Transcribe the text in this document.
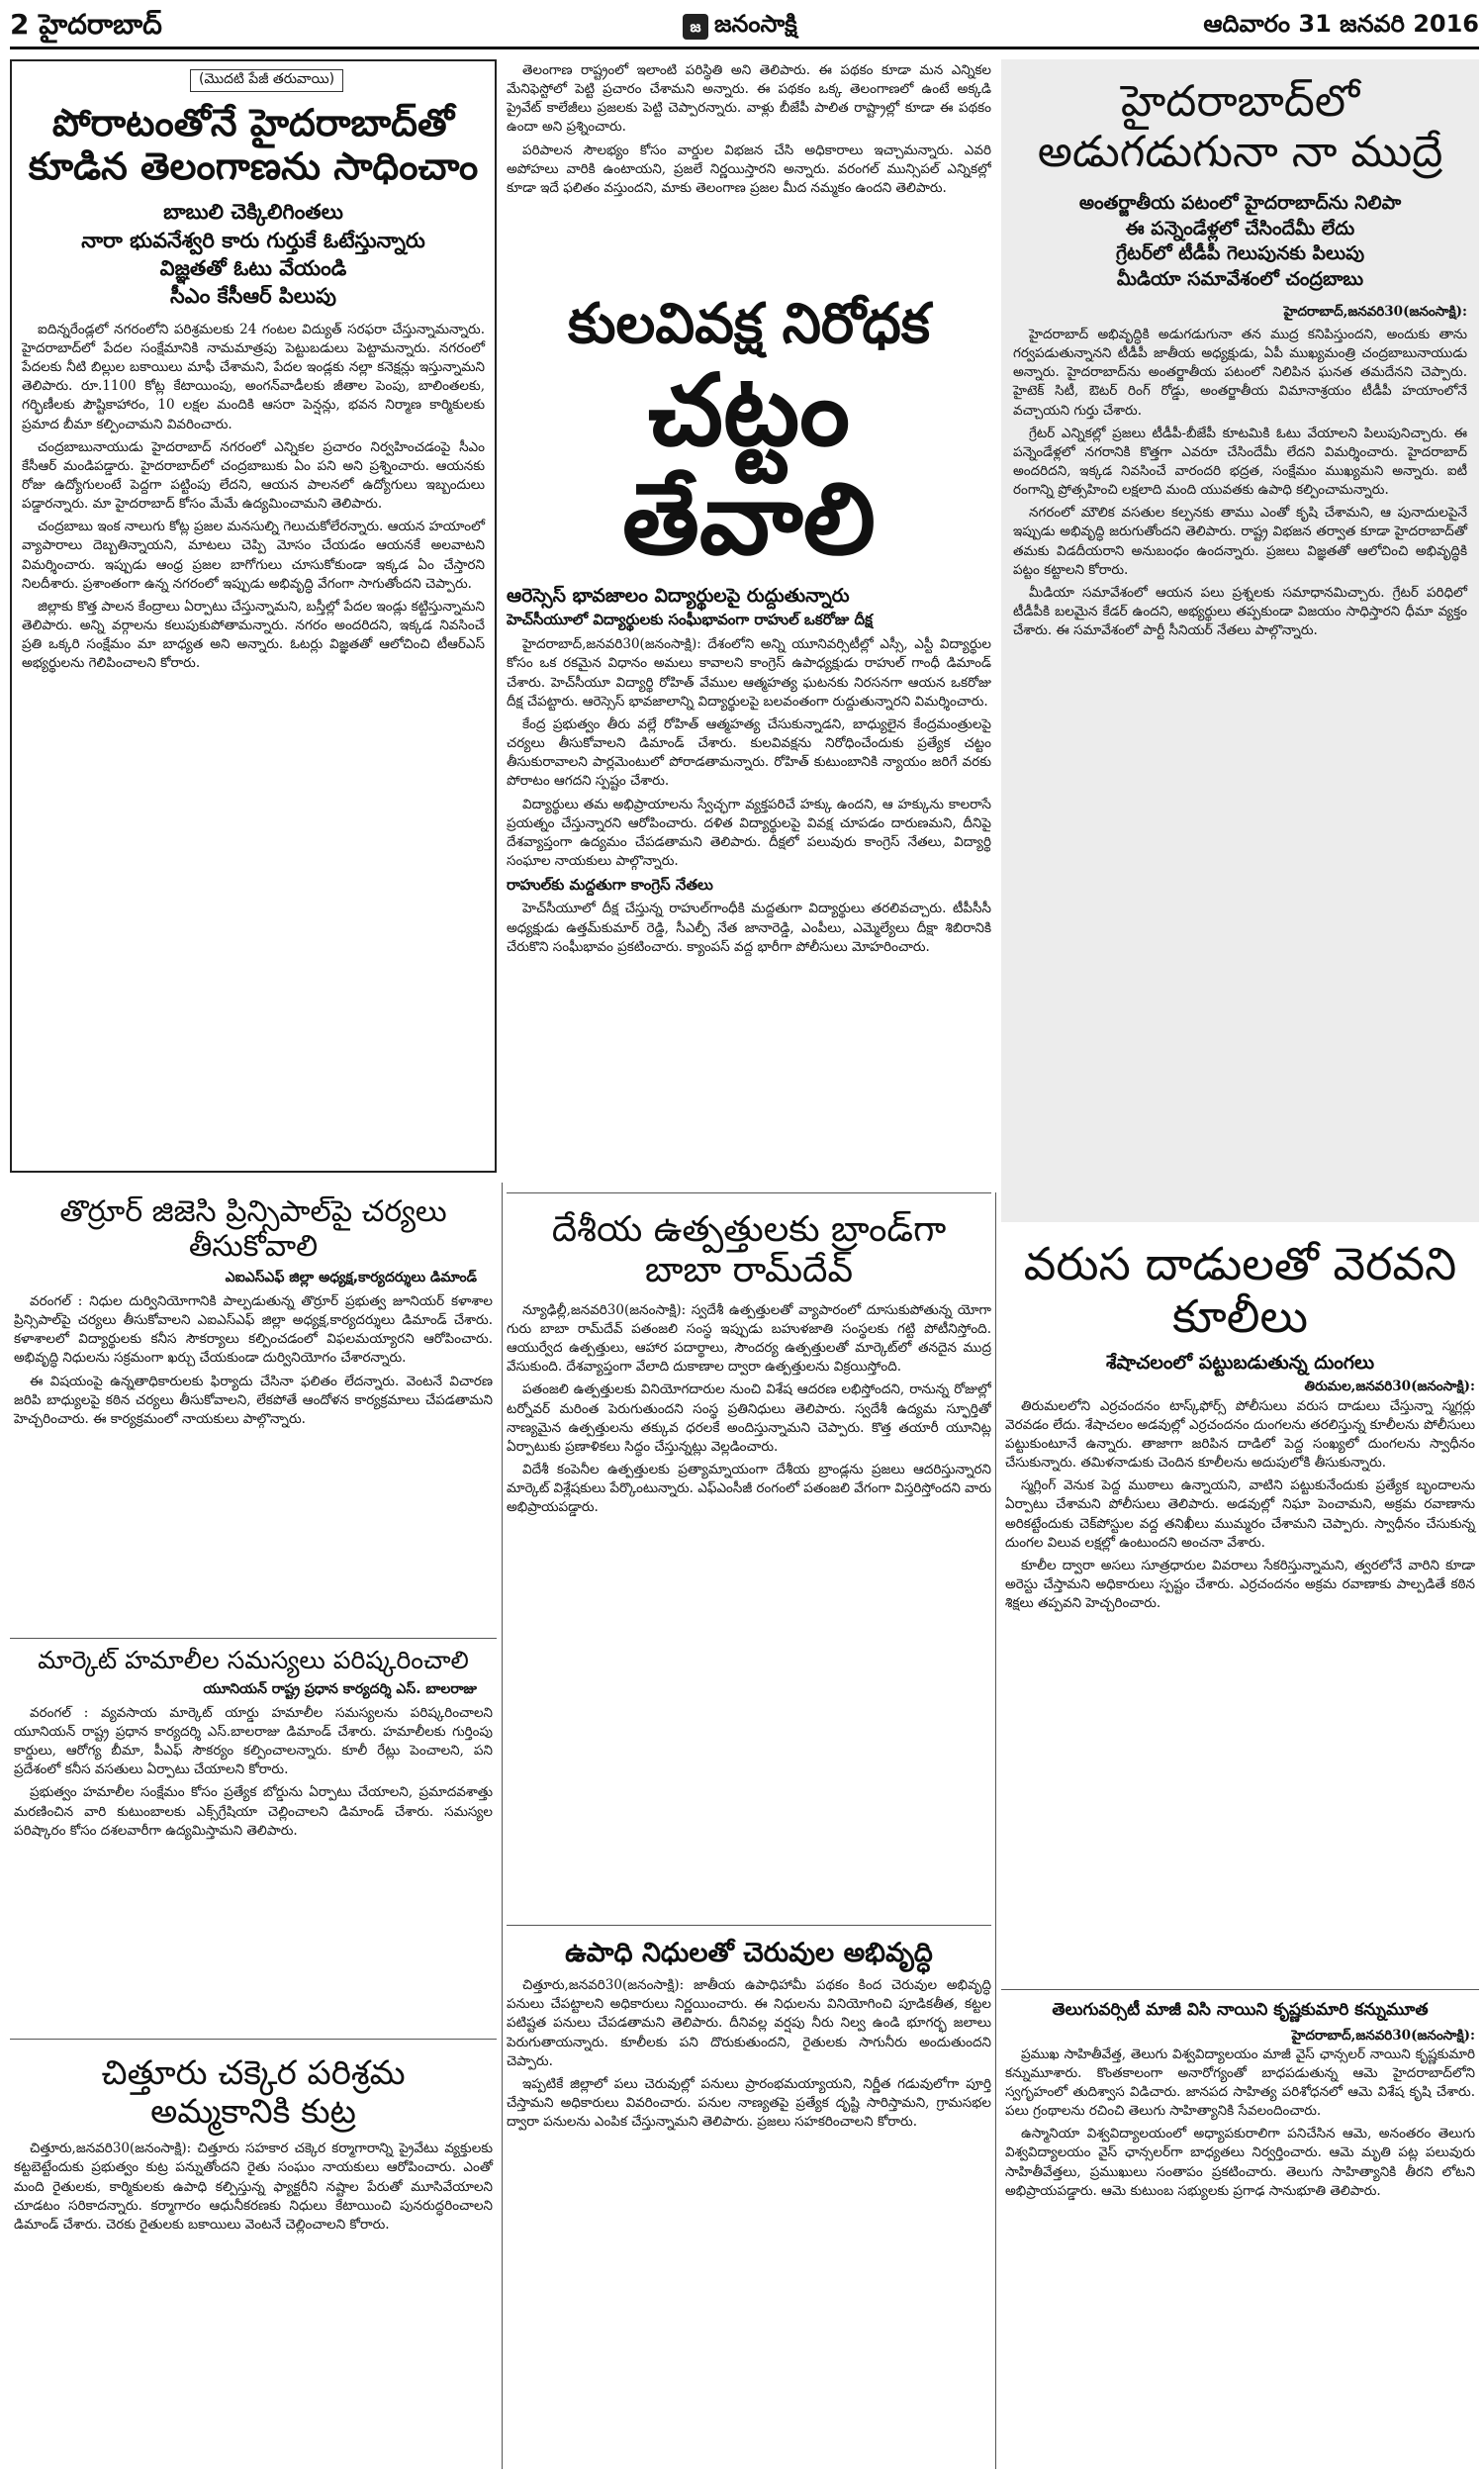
2 హైదరాబాద్	జ జనంసాక్షి	ఆదివారం 31 జనవరి 2016
(మొదటి పేజీ తరువాయి)
పోరాటంతోనే హైదరాబాద్‌తో కూడిన తెలంగాణను సాధించాం
బాబులి చెక్కిలిగింతలు
నారా భువనేశ్వరి కారు గుర్తుకే ఓటేస్తున్నారు
విజ్ఞతతో ఓటు వేయండి
సీఎం కేసీఆర్ పిలుపు

ఐదిన్నరేండ్లలో నగరంలోని పరిశ్రమలకు 24 గంటల విద్యుత్ సరఫరా చేస్తున్నామన్నారు. హైదరాబాద్‌లో పేదల సంక్షేమానికి నామమాత్రపు పెట్టుబడులు పెట్టామన్నారు. నగరంలో పేదలకు నీటి బిల్లుల బకాయిలు మాఫీ చేశామని, పేదల ఇండ్లకు నల్లా కనెక్షన్లు ఇస్తున్నామని తెలిపారు. రూ.1100 కోట్ల కేటాయింపు, అంగన్‌వాడీలకు జీతాల పెంపు, బాలింతలకు, గర్భిణీలకు పౌష్టికాహారం, 10 లక్షల మందికి ఆసరా పెన్షన్లు, భవన నిర్మాణ కార్మికులకు ప్రమాద బీమా కల్పించామని వివరించారు.

చంద్రబాబునాయుడు హైదరాబాద్ నగరంలో ఎన్నికల ప్రచారం నిర్వహించడంపై సీఎం కేసీఆర్ మండిపడ్డారు. హైదరాబాద్‌లో చంద్రబాబుకు ఏం పని అని ప్రశ్నించారు. ఆయనకు రోజు ఉద్యోగులంటే పెద్దగా పట్టింపు లేదని, ఆయన పాలనలో ఉద్యోగులు ఇబ్బందులు పడ్డారన్నారు. మా హైదరాబాద్ కోసం మేమే ఉద్యమించామని తెలిపారు.

చంద్రబాబు ఇంక నాలుగు కోట్ల ప్రజల మనసుల్ని గెలుచుకోలేరన్నారు. ఆయన హయాంలో వ్యాపారాలు దెబ్బతిన్నాయని, మాటలు చెప్పి మోసం చేయడం ఆయనకే అలవాటని విమర్శించారు. ఇప్పుడు ఆంధ్ర ప్రజల బాగోగులు చూసుకోకుండా ఇక్కడ ఏం చేస్తారని నిలదీశారు. ప్రశాంతంగా ఉన్న నగరంలో ఇప్పుడు అభివృద్ధి వేగంగా సాగుతోందని చెప్పారు.

జిల్లాకు కొత్త పాలన కేంద్రాలు ఏర్పాటు చేస్తున్నామని, బస్తీల్లో పేదల ఇండ్లు కట్టిస్తున్నామని తెలిపారు. అన్ని వర్గాలను కలుపుకుపోతామన్నారు. నగరం అందరిదని, ఇక్కడ నివసించే ప్రతి ఒక్కరి సంక్షేమం మా బాధ్యత అని అన్నారు. ఓటర్లు విజ్ఞతతో ఆలోచించి టీఆర్ఎస్ అభ్యర్థులను గెలిపించాలని కోరారు.

తెలంగాణ రాష్ట్రంలో ఇలాంటి పరిస్థితి అని తెలిపారు. ఈ పథకం కూడా మన ఎన్నికల మేనిఫెస్టోలో పెట్టి ప్రచారం చేశామని అన్నారు. ఈ పథకం ఒక్క తెలంగాణలో ఉంటే అక్కడి ప్రైవేట్ కాలేజీలు ప్రజలకు పెట్టి చెప్పారన్నారు. వాళ్లు బీజేపీ పాలిత రాష్ట్రాల్లో కూడా ఈ పథకం ఉందా అని ప్రశ్నించారు.

పరిపాలన సౌలభ్యం కోసం వార్డుల విభజన చేసి అధికారాలు ఇచ్చామన్నారు. ఎవరి అపోహలు వారికి ఉంటాయని, ప్రజలే నిర్ణయిస్తారని అన్నారు. వరంగల్ మున్సిపల్ ఎన్నికల్లో కూడా ఇదే ఫలితం వస్తుందని, మాకు తెలంగాణ ప్రజల మీద నమ్మకం ఉందని తెలిపారు.

కులవివక్ష నిరోధక
చట్టం తేవాలి
ఆరెస్సెస్ భావజాలం విద్యార్థులపై రుద్దుతున్నారు
హెచ్‌సీయూలో విద్యార్థులకు సంఘీభావంగా రాహుల్ ఒకరోజు దీక్ష

హైదరాబాద్,జనవరి30(జనంసాక్షి): దేశంలోని అన్ని యూనివర్సిటీల్లో ఎస్సీ, ఎస్టీ విద్యార్థుల కోసం ఒక రకమైన విధానం అమలు కావాలని కాంగ్రెస్ ఉపాధ్యక్షుడు రాహుల్ గాంధీ డిమాండ్ చేశారు. హెచ్‌సీయూ విద్యార్థి రోహిత్ వేముల ఆత్మహత్య ఘటనకు నిరసనగా ఆయన ఒకరోజు దీక్ష చేపట్టారు. ఆరెస్సెస్ భావజాలాన్ని విద్యార్థులపై బలవంతంగా రుద్దుతున్నారని విమర్శించారు.

కేంద్ర ప్రభుత్వం తీరు వల్లే రోహిత్ ఆత్మహత్య చేసుకున్నాడని, బాధ్యులైన కేంద్రమంత్రులపై చర్యలు తీసుకోవాలని డిమాండ్ చేశారు. కులవివక్షను నిరోధించేందుకు ప్రత్యేక చట్టం తీసుకురావాలని పార్లమెంటులో పోరాడతామన్నారు. రోహిత్ కుటుంబానికి న్యాయం జరిగే వరకు పోరాటం ఆగదని స్పష్టం చేశారు.

విద్యార్థులు తమ అభిప్రాయాలను స్వేచ్ఛగా వ్యక్తపరిచే హక్కు ఉందని, ఆ హక్కును కాలరాసే ప్రయత్నం చేస్తున్నారని ఆరోపించారు. దళిత విద్యార్థులపై వివక్ష చూపడం దారుణమని, దీనిపై దేశవ్యాప్తంగా ఉద్యమం చేపడతామని తెలిపారు. దీక్షలో పలువురు కాంగ్రెస్ నేతలు, విద్యార్థి సంఘాల నాయకులు పాల్గొన్నారు.

రాహుల్‌కు మద్దతుగా కాంగ్రెస్ నేతలు

హెచ్‌సీయూలో దీక్ష చేస్తున్న రాహుల్‌గాంధీకి మద్దతుగా విద్యార్థులు తరలివచ్చారు. టీపీసీసీ అధ్యక్షుడు ఉత్తమ్‌కుమార్ రెడ్డి, సీఎల్పీ నేత జానారెడ్డి, ఎంపీలు, ఎమ్మెల్యేలు దీక్షా శిబిరానికి చేరుకొని సంఘీభావం ప్రకటించారు. క్యాంపస్ వద్ద భారీగా పోలీసులు మోహరించారు.

హైదరాబాద్‌లో అడుగడుగునా నా ముద్రే
అంతర్జాతీయ పటంలో హైదరాబాద్‌ను నిలిపా
ఈ పన్నెండేళ్లలో చేసిందేమీ లేదు
గ్రేటర్‌లో టీడీపీ గెలుపునకు పిలుపు
మీడియా సమావేశంలో చంద్రబాబు
హైదరాబాద్,జనవరి30(జనంసాక్షి):

హైదరాబాద్ అభివృద్ధికి అడుగడుగునా తన ముద్ర కనిపిస్తుందని, అందుకు తాను గర్వపడుతున్నానని టీడీపీ జాతీయ అధ్యక్షుడు, ఏపీ ముఖ్యమంత్రి చంద్రబాబునాయుడు అన్నారు. హైదరాబాద్‌ను అంతర్జాతీయ పటంలో నిలిపిన ఘనత తమదేనని చెప్పారు. హైటెక్ సిటీ, ఔటర్ రింగ్ రోడ్డు, అంతర్జాతీయ విమానాశ్రయం టీడీపీ హయాంలోనే వచ్చాయని గుర్తు చేశారు.

గ్రేటర్ ఎన్నికల్లో ప్రజలు టీడీపీ-బీజేపీ కూటమికి ఓటు వేయాలని పిలుపునిచ్చారు. ఈ పన్నెండేళ్లలో నగరానికి కొత్తగా ఎవరూ చేసిందేమీ లేదని విమర్శించారు. హైదరాబాద్ అందరిదని, ఇక్కడ నివసించే వారందరి భద్రత, సంక్షేమం ముఖ్యమని అన్నారు. ఐటీ రంగాన్ని ప్రోత్సహించి లక్షలాది మంది యువతకు ఉపాధి కల్పించామన్నారు.

నగరంలో మౌలిక వసతుల కల్పనకు తాము ఎంతో కృషి చేశామని, ఆ పునాదులపైనే ఇప్పుడు అభివృద్ధి జరుగుతోందని తెలిపారు. రాష్ట్ర విభజన తర్వాత కూడా హైదరాబాద్‌తో తమకు విడదీయరాని అనుబంధం ఉందన్నారు. ప్రజలు విజ్ఞతతో ఆలోచించి అభివృద్ధికి పట్టం కట్టాలని కోరారు.

మీడియా సమావేశంలో ఆయన పలు ప్రశ్నలకు సమాధానమిచ్చారు. గ్రేటర్ పరిధిలో టీడీపీకి బలమైన కేడర్ ఉందని, అభ్యర్థులు తప్పకుండా విజయం సాధిస్తారని ధీమా వ్యక్తం చేశారు. ఈ సమావేశంలో పార్టీ సీనియర్ నేతలు పాల్గొన్నారు.

తొర్రూర్ జిజెసి ప్రిన్సిపాల్‌పై చర్యలు తీసుకోవాలి
ఎఐఎస్ఎఫ్ జిల్లా అధ్యక్ష,కార్యదర్శులు డిమాండ్

వరంగల్ : నిధుల దుర్వినియోగానికి పాల్పడుతున్న తొర్రూర్ ప్రభుత్వ జూనియర్ కళాశాల ప్రిన్సిపాల్‌పై చర్యలు తీసుకోవాలని ఎఐఎస్ఎఫ్ జిల్లా అధ్యక్ష,కార్యదర్శులు డిమాండ్ చేశారు. కళాశాలలో విద్యార్థులకు కనీస సౌకర్యాలు కల్పించడంలో విఫలమయ్యారని ఆరోపించారు. అభివృద్ధి నిధులను సక్రమంగా ఖర్చు చేయకుండా దుర్వినియోగం చేశారన్నారు.

ఈ విషయంపై ఉన్నతాధికారులకు ఫిర్యాదు చేసినా ఫలితం లేదన్నారు. వెంటనే విచారణ జరిపి బాధ్యులపై కఠిన చర్యలు తీసుకోవాలని, లేకపోతే ఆందోళన కార్యక్రమాలు చేపడతామని హెచ్చరించారు. ఈ కార్యక్రమంలో నాయకులు పాల్గొన్నారు.

మార్కెట్ హమాలీల సమస్యలు పరిష్కరించాలి
యూనియన్ రాష్ట్ర ప్రధాన కార్యదర్శి ఎస్. బాలరాజు

వరంగల్ : వ్యవసాయ మార్కెట్ యార్డు హమాలీల సమస్యలను పరిష్కరించాలని యూనియన్ రాష్ట్ర ప్రధాన కార్యదర్శి ఎస్.బాలరాజు డిమాండ్ చేశారు. హమాలీలకు గుర్తింపు కార్డులు, ఆరోగ్య బీమా, పీఎఫ్ సౌకర్యం కల్పించాలన్నారు. కూలీ రేట్లు పెంచాలని, పని ప్రదేశంలో కనీస వసతులు ఏర్పాటు చేయాలని కోరారు.

ప్రభుత్వం హమాలీల సంక్షేమం కోసం ప్రత్యేక బోర్డును ఏర్పాటు చేయాలని, ప్రమాదవశాత్తు మరణించిన వారి కుటుంబాలకు ఎక్స్‌గ్రేషియా చెల్లించాలని డిమాండ్ చేశారు. సమస్యల పరిష్కారం కోసం దశలవారీగా ఉద్యమిస్తామని తెలిపారు.

చిత్తూరు చక్కెర పరిశ్రమ అమ్మకానికి కుట్ర

చిత్తూరు,జనవరి30(జనంసాక్షి): చిత్తూరు సహకార చక్కెర కర్మాగారాన్ని ప్రైవేటు వ్యక్తులకు కట్టబెట్టేందుకు ప్రభుత్వం కుట్ర పన్నుతోందని రైతు సంఘం నాయకులు ఆరోపించారు. ఎంతో మంది రైతులకు, కార్మికులకు ఉపాధి కల్పిస్తున్న ఫ్యాక్టరీని నష్టాల పేరుతో మూసివేయాలని చూడటం సరికాదన్నారు. కర్మాగారం ఆధునీకరణకు నిధులు కేటాయించి పునరుద్ధరించాలని డిమాండ్ చేశారు. చెరకు రైతులకు బకాయిలు వెంటనే చెల్లించాలని కోరారు.

దేశీయ ఉత్పత్తులకు బ్రాండ్‌గా బాబా రామ్‌దేవ్

న్యూఢిల్లీ,జనవరి30(జనంసాక్షి): స్వదేశీ ఉత్పత్తులతో వ్యాపారంలో దూసుకుపోతున్న యోగా గురు బాబా రామ్‌దేవ్ పతంజలి సంస్థ ఇప్పుడు బహుళజాతి సంస్థలకు గట్టి పోటీనిస్తోంది. ఆయుర్వేద ఉత్పత్తులు, ఆహార పదార్థాలు, సౌందర్య ఉత్పత్తులతో మార్కెట్‌లో తనదైన ముద్ర వేసుకుంది. దేశవ్యాప్తంగా వేలాది దుకాణాల ద్వారా ఉత్పత్తులను విక్రయిస్తోంది.

పతంజలి ఉత్పత్తులకు వినియోగదారుల నుంచి విశేష ఆదరణ లభిస్తోందని, రానున్న రోజుల్లో టర్నోవర్ మరింత పెరుగుతుందని సంస్థ ప్రతినిధులు తెలిపారు. స్వదేశీ ఉద్యమ స్ఫూర్తితో నాణ్యమైన ఉత్పత్తులను తక్కువ ధరలకే అందిస్తున్నామని చెప్పారు. కొత్త తయారీ యూనిట్ల ఏర్పాటుకు ప్రణాళికలు సిద్ధం చేస్తున్నట్లు వెల్లడించారు.

విదేశీ కంపెనీల ఉత్పత్తులకు ప్రత్యామ్నాయంగా దేశీయ బ్రాండ్లను ప్రజలు ఆదరిస్తున్నారని మార్కెట్ విశ్లేషకులు పేర్కొంటున్నారు. ఎఫ్‌ఎంసీజీ రంగంలో పతంజలి వేగంగా విస్తరిస్తోందని వారు అభిప్రాయపడ్డారు.

ఉపాధి నిధులతో చెరువుల అభివృద్ధి

చిత్తూరు,జనవరి30(జనంసాక్షి): జాతీయ ఉపాధిహామీ పథకం కింద చెరువుల అభివృద్ధి పనులు చేపట్టాలని అధికారులు నిర్ణయించారు. ఈ నిధులను వినియోగించి పూడికతీత, కట్టల పటిష్టత పనులు చేపడతామని తెలిపారు. దీనివల్ల వర్షపు నీరు నిల్వ ఉండి భూగర్భ జలాలు పెరుగుతాయన్నారు. కూలీలకు పని దొరుకుతుందని, రైతులకు సాగునీరు అందుతుందని చెప్పారు.

ఇప్పటికే జిల్లాలో పలు చెరువుల్లో పనులు ప్రారంభమయ్యాయని, నిర్ణీత గడువులోగా పూర్తి చేస్తామని అధికారులు వివరించారు. పనుల నాణ్యతపై ప్రత్యేక దృష్టి సారిస్తామని, గ్రామసభల ద్వారా పనులను ఎంపిక చేస్తున్నామని తెలిపారు. ప్రజలు సహకరించాలని కోరారు.

వరుస దాడులతో వెరవని కూలీలు
శేషాచలంలో పట్టుబడుతున్న దుంగలు
తిరుమల,జనవరి30(జనంసాక్షి):

తిరుమలలోని ఎర్రచందనం టాస్క్‌ఫోర్స్ పోలీసులు వరుస దాడులు చేస్తున్నా స్మగ్లర్లు వెరవడం లేదు. శేషాచలం అడవుల్లో ఎర్రచందనం దుంగలను తరలిస్తున్న కూలీలను పోలీసులు పట్టుకుంటూనే ఉన్నారు. తాజాగా జరిపిన దాడిలో పెద్ద సంఖ్యలో దుంగలను స్వాధీనం చేసుకున్నారు. తమిళనాడుకు చెందిన కూలీలను అదుపులోకి తీసుకున్నారు.

స్మగ్లింగ్ వెనుక పెద్ద ముఠాలు ఉన్నాయని, వాటిని పట్టుకునేందుకు ప్రత్యేక బృందాలను ఏర్పాటు చేశామని పోలీసులు తెలిపారు. అడవుల్లో నిఘా పెంచామని, అక్రమ రవాణాను అరికట్టేందుకు చెక్‌పోస్టుల వద్ద తనిఖీలు ముమ్మరం చేశామని చెప్పారు. స్వాధీనం చేసుకున్న దుంగల విలువ లక్షల్లో ఉంటుందని అంచనా వేశారు.

కూలీల ద్వారా అసలు సూత్రధారుల వివరాలు సేకరిస్తున్నామని, త్వరలోనే వారిని కూడా అరెస్టు చేస్తామని అధికారులు స్పష్టం చేశారు. ఎర్రచందనం అక్రమ రవాణాకు పాల్పడితే కఠిన శిక్షలు తప్పవని హెచ్చరించారు.

తెలుగువర్సిటీ మాజీ విసి నాయిని కృష్ణకుమారి కన్నుమూత
హైదరాబాద్,జనవరి30(జనంసాక్షి):

ప్రముఖ సాహితీవేత్త, తెలుగు విశ్వవిద్యాలయం మాజీ వైస్ ఛాన్సలర్ నాయిని కృష్ణకుమారి కన్నుమూశారు. కొంతకాలంగా అనారోగ్యంతో బాధపడుతున్న ఆమె హైదరాబాద్‌లోని స్వగృహంలో తుదిశ్వాస విడిచారు. జానపద సాహిత్య పరిశోధనలో ఆమె విశేష కృషి చేశారు. పలు గ్రంథాలను రచించి తెలుగు సాహిత్యానికి సేవలందించారు.

ఉస్మానియా విశ్వవిద్యాలయంలో అధ్యాపకురాలిగా పనిచేసిన ఆమె, అనంతరం తెలుగు విశ్వవిద్యాలయం వైస్ ఛాన్సలర్‌గా బాధ్యతలు నిర్వర్తించారు. ఆమె మృతి పట్ల పలువురు సాహితీవేత్తలు, ప్రముఖులు సంతాపం ప్రకటించారు. తెలుగు సాహిత్యానికి తీరని లోటని అభిప్రాయపడ్డారు. ఆమె కుటుంబ సభ్యులకు ప్రగాఢ సానుభూతి తెలిపారు.
